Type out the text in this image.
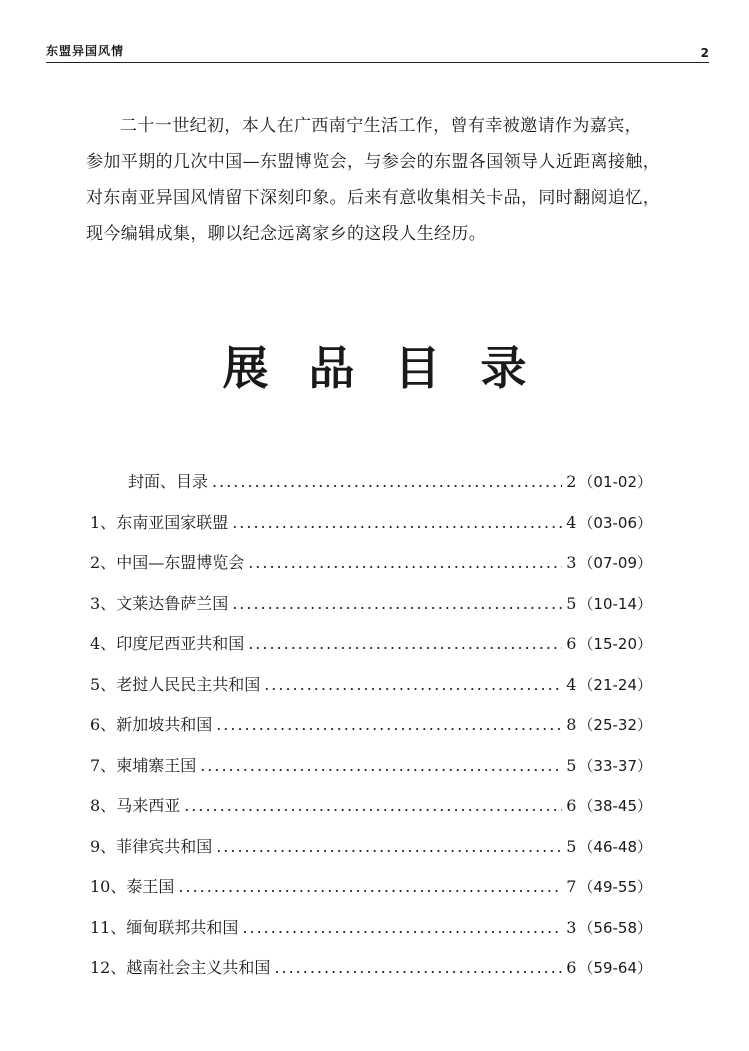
东盟异国风情	2
二十一世纪初，本人在广西南宁生活工作，曾有幸被邀请作为嘉宾，
参加平期的几次中国—东盟博览会，与参会的东盟各国领导人近距离接触，
对东南亚异国风情留下深刻印象。后来有意收集相关卡品，同时翻阅追忆，
现今编辑成集，聊以纪念远离家乡的这段人生经历。
展品目录
封面、目录 .....	2 （01-02）
1、 东南亚国家联盟 .....	4 （03-06）
2、 中国—东盟博览会 .....	3 （07-09）
3、 文莱达鲁萨兰国 .....	5 （10-14）
4、 印度尼西亚共和国 .....	6 （15-20）
5、 老挝人民民主共和国 .....	4 （21-24）
6、 新加坡共和国 .....	8 （25-32）
7、 柬埔寨王国 .....	5 （33-37）
8、 马来西亚 .....	6 （38-45）
9、 菲律宾共和国 .....	5 （46-48）
10、 泰王国 .....	7 （49-55）
11、 缅甸联邦共和国 .....	3 （56-58）
12、 越南社会主义共和国 .....	6 （59-64）
